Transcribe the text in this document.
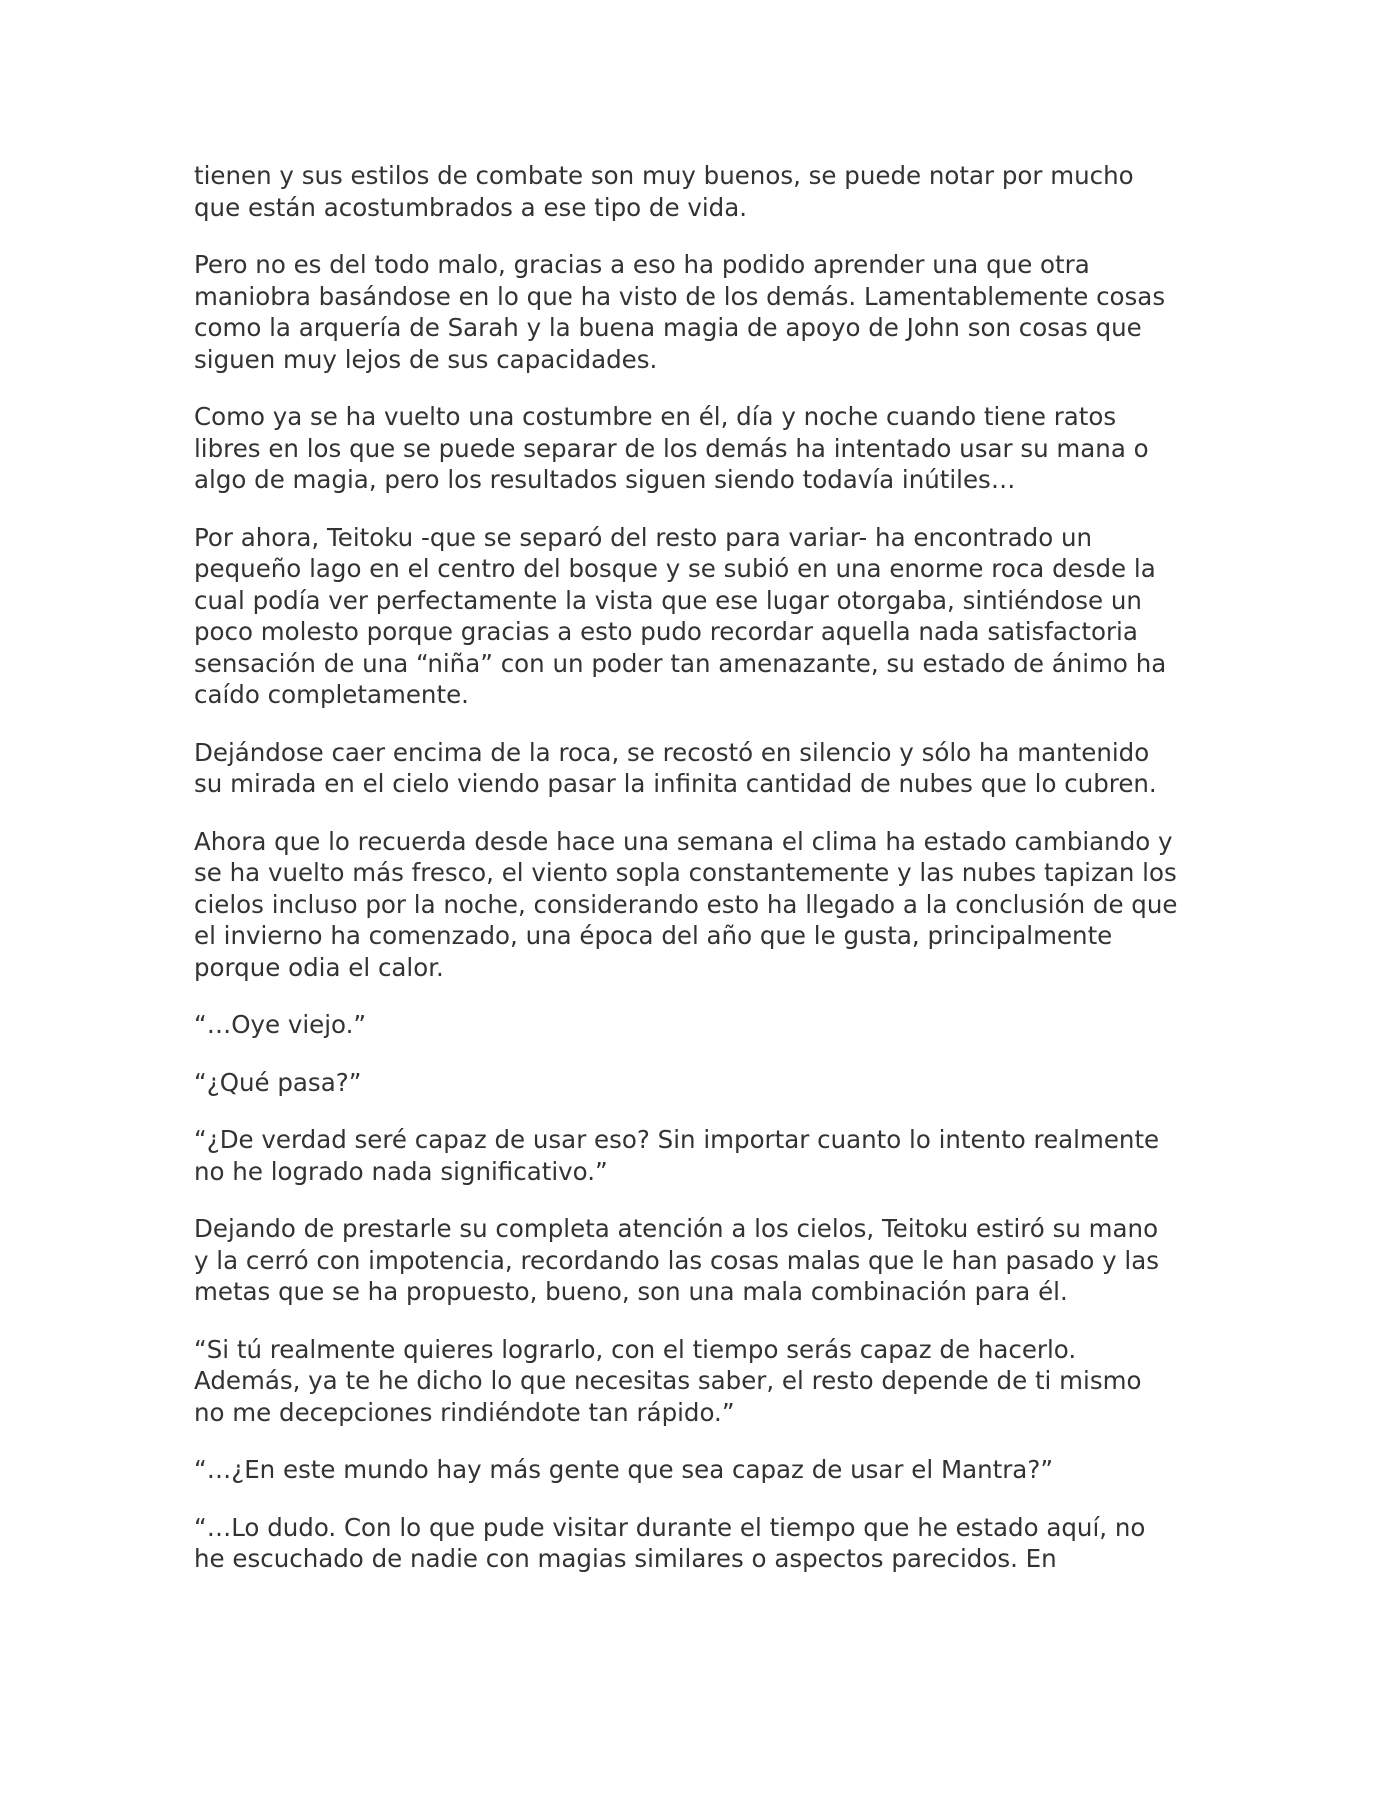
tienen y sus estilos de combate son muy buenos, se puede notar por mucho
que están acostumbrados a ese tipo de vida.

Pero no es del todo malo, gracias a eso ha podido aprender una que otra
maniobra basándose en lo que ha visto de los demás. Lamentablemente cosas
como la arquería de Sarah y la buena magia de apoyo de John son cosas que
siguen muy lejos de sus capacidades.

Como ya se ha vuelto una costumbre en él, día y noche cuando tiene ratos
libres en los que se puede separar de los demás ha intentado usar su mana o
algo de magia, pero los resultados siguen siendo todavía inútiles…

Por ahora, Teitoku -que se separó del resto para variar- ha encontrado un
pequeño lago en el centro del bosque y se subió en una enorme roca desde la
cual podía ver perfectamente la vista que ese lugar otorgaba, sintiéndose un
poco molesto porque gracias a esto pudo recordar aquella nada satisfactoria
sensación de una “niña” con un poder tan amenazante, su estado de ánimo ha
caído completamente.

Dejándose caer encima de la roca, se recostó en silencio y sólo ha mantenido
su mirada en el cielo viendo pasar la infinita cantidad de nubes que lo cubren.

Ahora que lo recuerda desde hace una semana el clima ha estado cambiando y
se ha vuelto más fresco, el viento sopla constantemente y las nubes tapizan los
cielos incluso por la noche, considerando esto ha llegado a la conclusión de que
el invierno ha comenzado, una época del año que le gusta, principalmente
porque odia el calor.

“…Oye viejo.”

“¿Qué pasa?”

“¿De verdad seré capaz de usar eso? Sin importar cuanto lo intento realmente
no he logrado nada significativo.”

Dejando de prestarle su completa atención a los cielos, Teitoku estiró su mano
y la cerró con impotencia, recordando las cosas malas que le han pasado y las
metas que se ha propuesto, bueno, son una mala combinación para él.

“Si tú realmente quieres lograrlo, con el tiempo serás capaz de hacerlo.
Además, ya te he dicho lo que necesitas saber, el resto depende de ti mismo
no me decepciones rindiéndote tan rápido.”

“…¿En este mundo hay más gente que sea capaz de usar el Mantra?”

“…Lo dudo. Con lo que pude visitar durante el tiempo que he estado aquí, no
he escuchado de nadie con magias similares o aspectos parecidos. En
